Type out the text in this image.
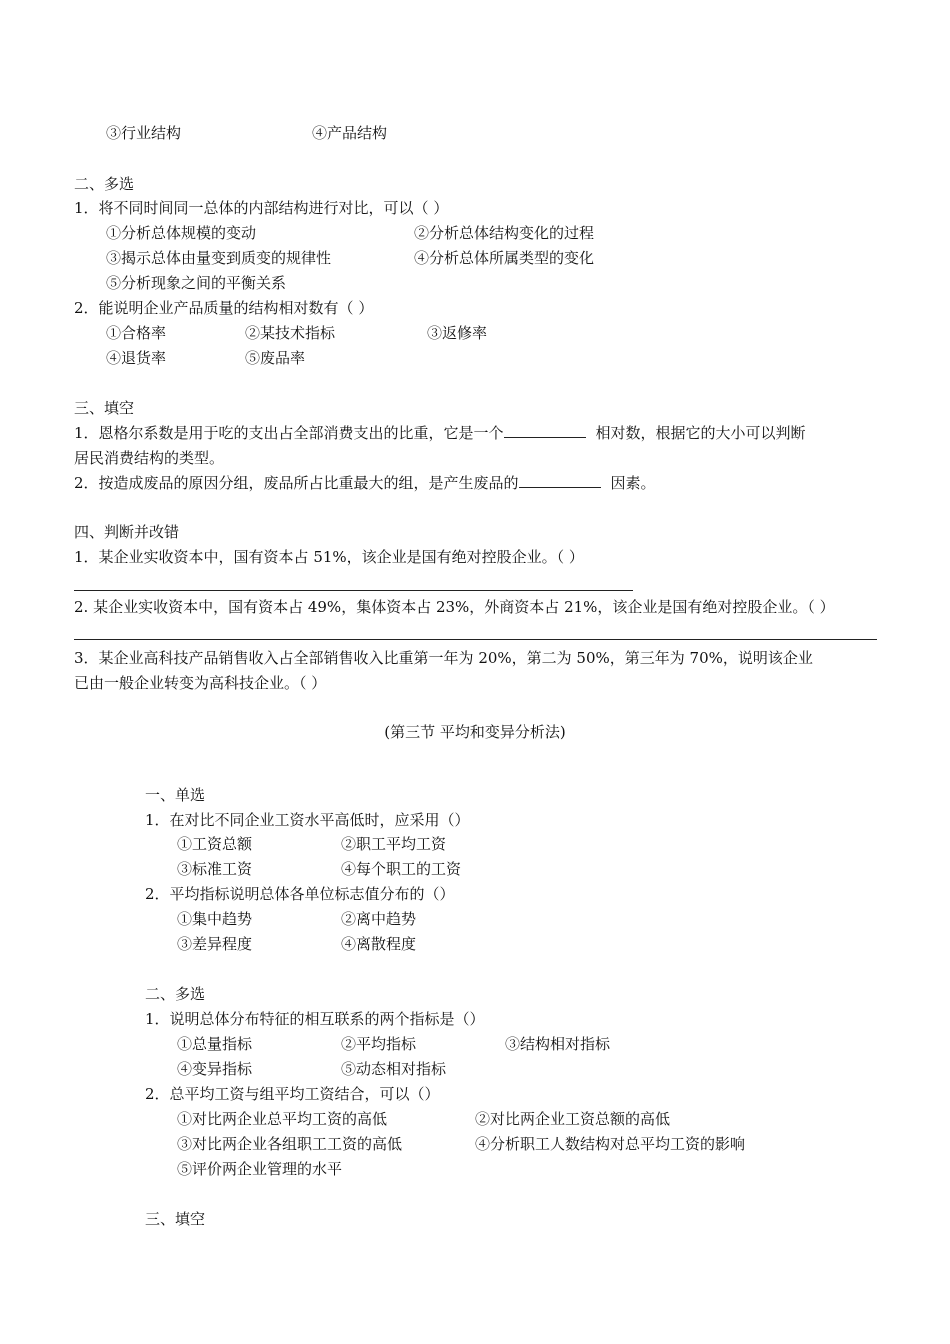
③行业结构	④产品结构
二、多选
1．将不同时间同一总体的内部结构进行对比，可以（ ）
①分析总体规模的变动	②分析总体结构变化的过程
③揭示总体由量变到质变的规律性	④分析总体所属类型的变化
⑤分析现象之间的平衡关系
2．能说明企业产品质量的结构相对数有（ ）
①合格率	②某技术指标	③返修率
④退货率	⑤废品率
三、填空
1．恩格尔系数是用于吃的支出占全部消费支出的比重，它是一个	相对数，根据它的大小可以判断
居民消费结构的类型。
2．按造成废品的原因分组，废品所占比重最大的组，是产生废品的	因素。
四、判断并改错
1．某企业实收资本中，国有资本占 51%，该企业是国有绝对控股企业。（ ）
2. 某企业实收资本中，国有资本占 49%，集体资本占 23%，外商资本占 21%，该企业是国有绝对控股企业。（ ）
3．某企业高科技产品销售收入占全部销售收入比重第一年为 20%，第二为 50%，第三年为 70%，说明该企业
已由一般企业转变为高科技企业。（ ）
(第三节 平均和变异分析法)
一、单选
1．在对比不同企业工资水平高低时，应采用（）
①工资总额	②职工平均工资
③标准工资	④每个职工的工资
2．平均指标说明总体各单位标志值分布的（）
①集中趋势	②离中趋势
③差异程度	④离散程度
二、多选
1．说明总体分布特征的相互联系的两个指标是（）
①总量指标	②平均指标	③结构相对指标
④变异指标	⑤动态相对指标
2．总平均工资与组平均工资结合，可以（）
①对比两企业总平均工资的高低	②对比两企业工资总额的高低
③对比两企业各组职工工资的高低	④分析职工人数结构对总平均工资的影响
⑤评价两企业管理的水平
三、填空
